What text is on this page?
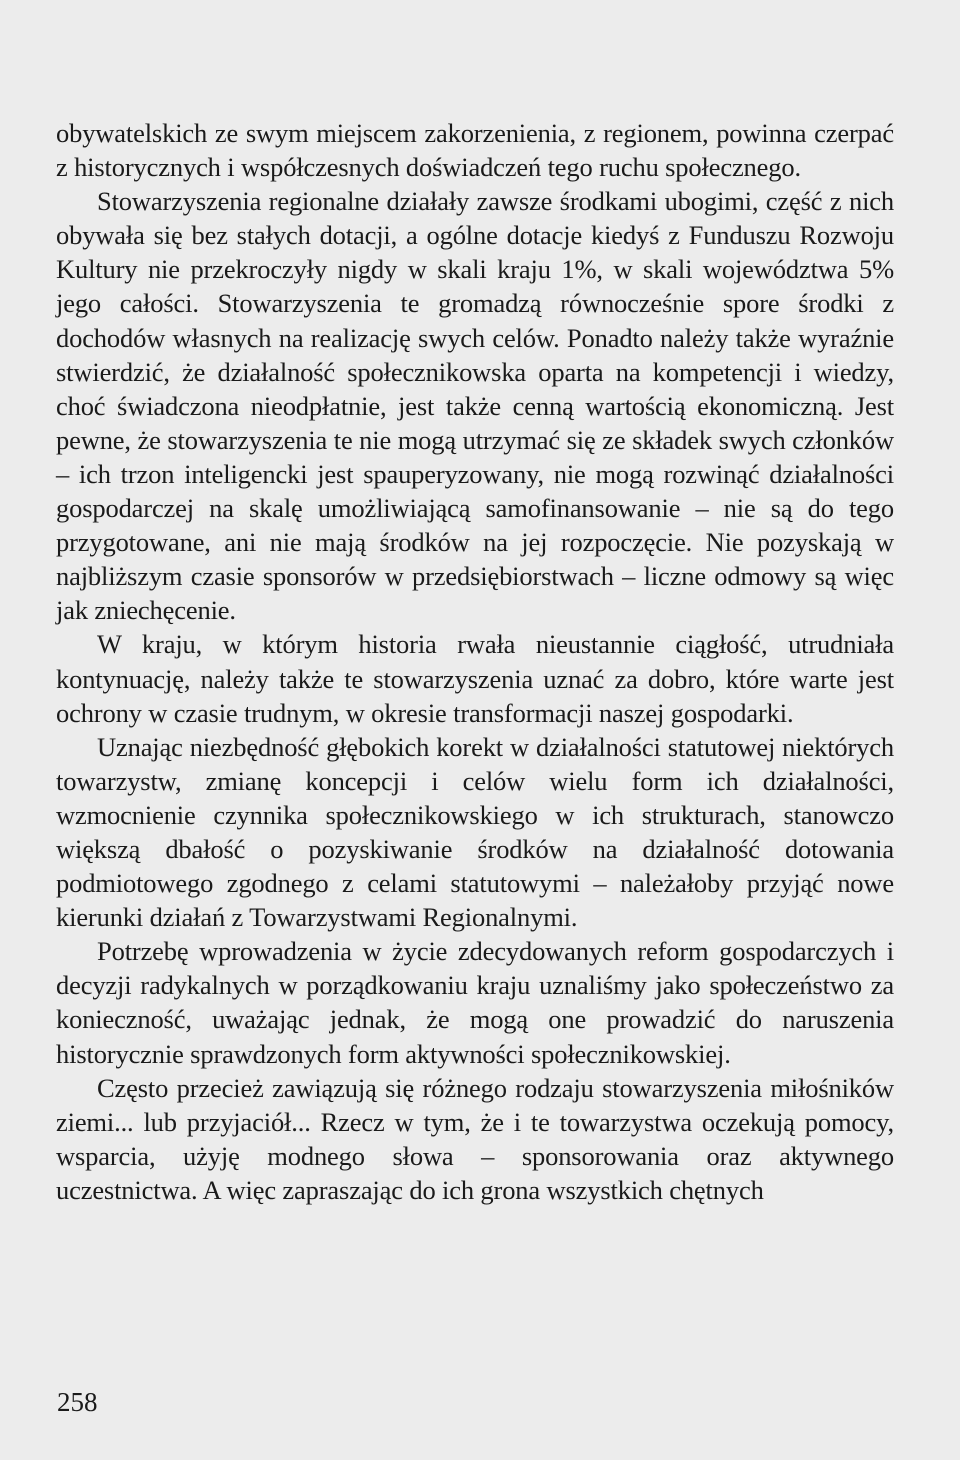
obywatelskich ze swym miejscem zakorzenienia, z regionem, powinna czerpać z historycznych i współczesnych doświadczeń tego ruchu społecznego.

Stowarzyszenia regionalne działały zawsze środkami ubogimi, część z nich obywała się bez stałych dotacji, a ogólne dotacje kiedyś z Funduszu Rozwoju Kultury nie przekroczyły nigdy w skali kraju 1%, w skali województwa 5% jego całości. Stowarzyszenia te gromadzą równocześnie spore środki z dochodów własnych na realizację swych celów. Ponadto należy także wyraźnie stwierdzić, że działalność społecznikowska oparta na kompetencji i wiedzy, choć świadczona nieodpłatnie, jest także cenną wartością ekonomiczną. Jest pewne, że stowarzyszenia te nie mogą utrzymać się ze składek swych członków – ich trzon inteligencki jest spauperyzowany, nie mogą rozwinąć działalności gospodarczej na skalę umożliwiającą samofinansowanie – nie są do tego przygotowane, ani nie mają środków na jej rozpoczęcie. Nie pozyskają w najbliższym czasie sponsorów w przedsiębiorstwach – liczne odmowy są więc jak zniechęcenie.

W kraju, w którym historia rwała nieustannie ciągłość, utrudniała kontynuację, należy także te stowarzyszenia uznać za dobro, które warte jest ochrony w czasie trudnym, w okresie transformacji naszej gospodarki.

Uznając niezbędność głębokich korekt w działalności statutowej niektórych towarzystw, zmianę koncepcji i celów wielu form ich działalności, wzmocnienie czynnika społecznikowskiego w ich strukturach, stanowczo większą dbałość o pozyskiwanie środków na działalność dotowania podmiotowego zgodnego z celami statutowymi – należałoby przyjąć nowe kierunki działań z Towarzystwami Regionalnymi.

Potrzebę wprowadzenia w życie zdecydowanych reform gospodarczych i decyzji radykalnych w porządkowaniu kraju uznaliśmy jako społeczeństwo za konieczność, uważając jednak, że mogą one prowadzić do naruszenia historycznie sprawdzonych form aktywności społecznikowskiej.

Często przecież zawiązują się różnego rodzaju stowarzyszenia miłośników ziemi... lub przyjaciół... Rzecz w tym, że i te towarzystwa oczekują pomocy, wsparcia, użyję modnego słowa – sponsorowania oraz aktywnego uczestnictwa. A więc zapraszając do ich grona wszystkich chętnych

258
